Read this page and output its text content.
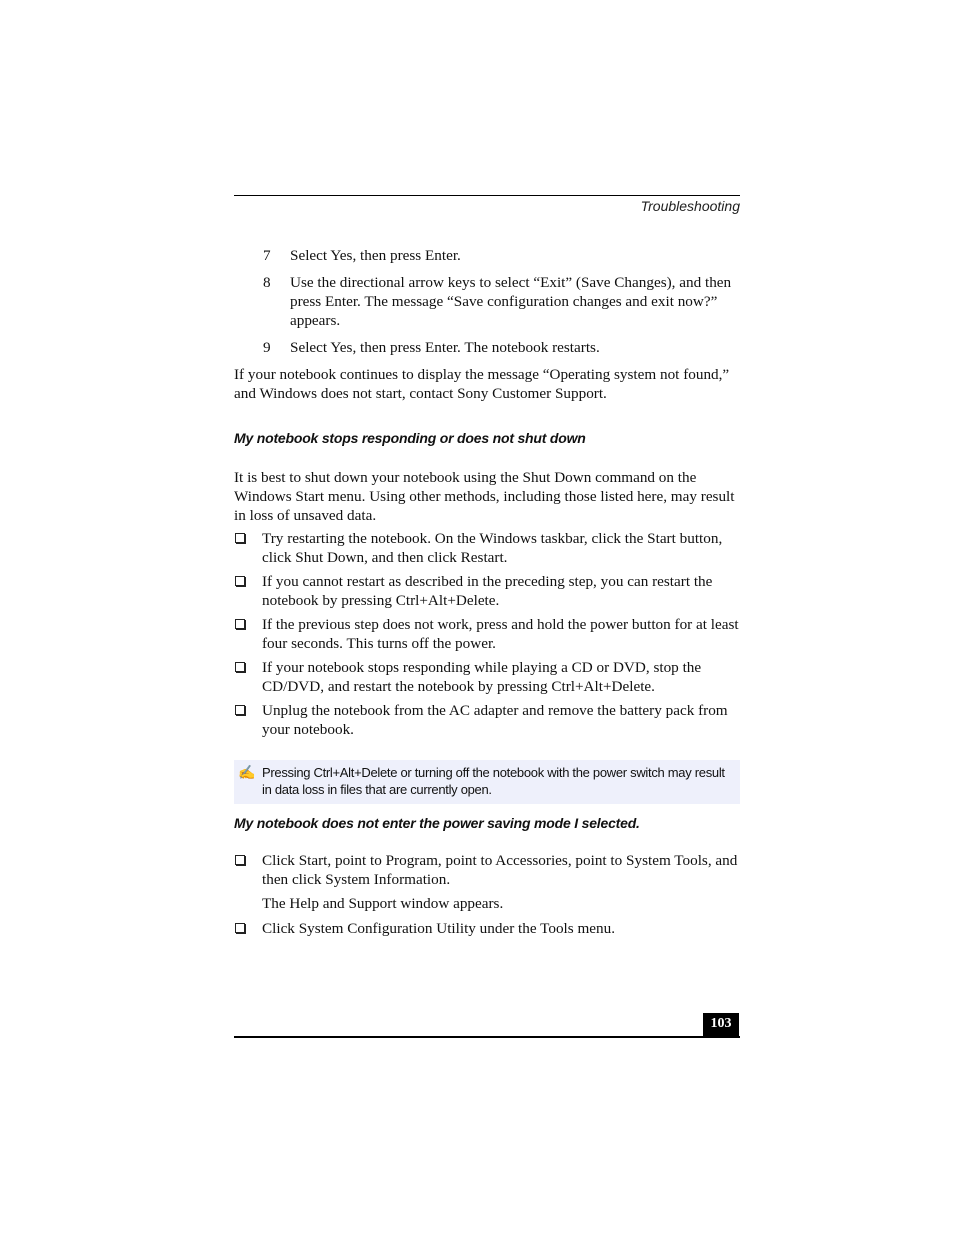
Troubleshooting
7	Select Yes, then press Enter.
8	Use the directional arrow keys to select “Exit” (Save Changes), and then press Enter. The message “Save configuration changes and exit now?” appears.
9	Select Yes, then press Enter. The notebook restarts.

If your notebook continues to display the message “Operating system not found,” and Windows does not start, contact Sony Customer Support.

My notebook stops responding or does not shut down

It is best to shut down your notebook using the Shut Down command on the Windows Start menu. Using other methods, including those listed here, may result in loss of unsaved data.

Try restarting the notebook. On the Windows taskbar, click the Start button, click Shut Down, and then click Restart.
If you cannot restart as described in the preceding step, you can restart the notebook by pressing Ctrl+Alt+Delete.
If the previous step does not work, press and hold the power button for at least four seconds. This turns off the power.
If your notebook stops responding while playing a CD or DVD, stop the CD/DVD, and restart the notebook by pressing Ctrl+Alt+Delete.
Unplug the notebook from the AC adapter and remove the battery pack from your notebook.
✍ Pressing Ctrl+Alt+Delete or turning off the notebook with the power switch may result in data loss in files that are currently open.
My notebook does not enter the power saving mode I selected.
Click Start, point to Program, point to Accessories, point to System Tools, and then click System Information.
The Help and Support window appears.
Click System Configuration Utility under the Tools menu.
103
